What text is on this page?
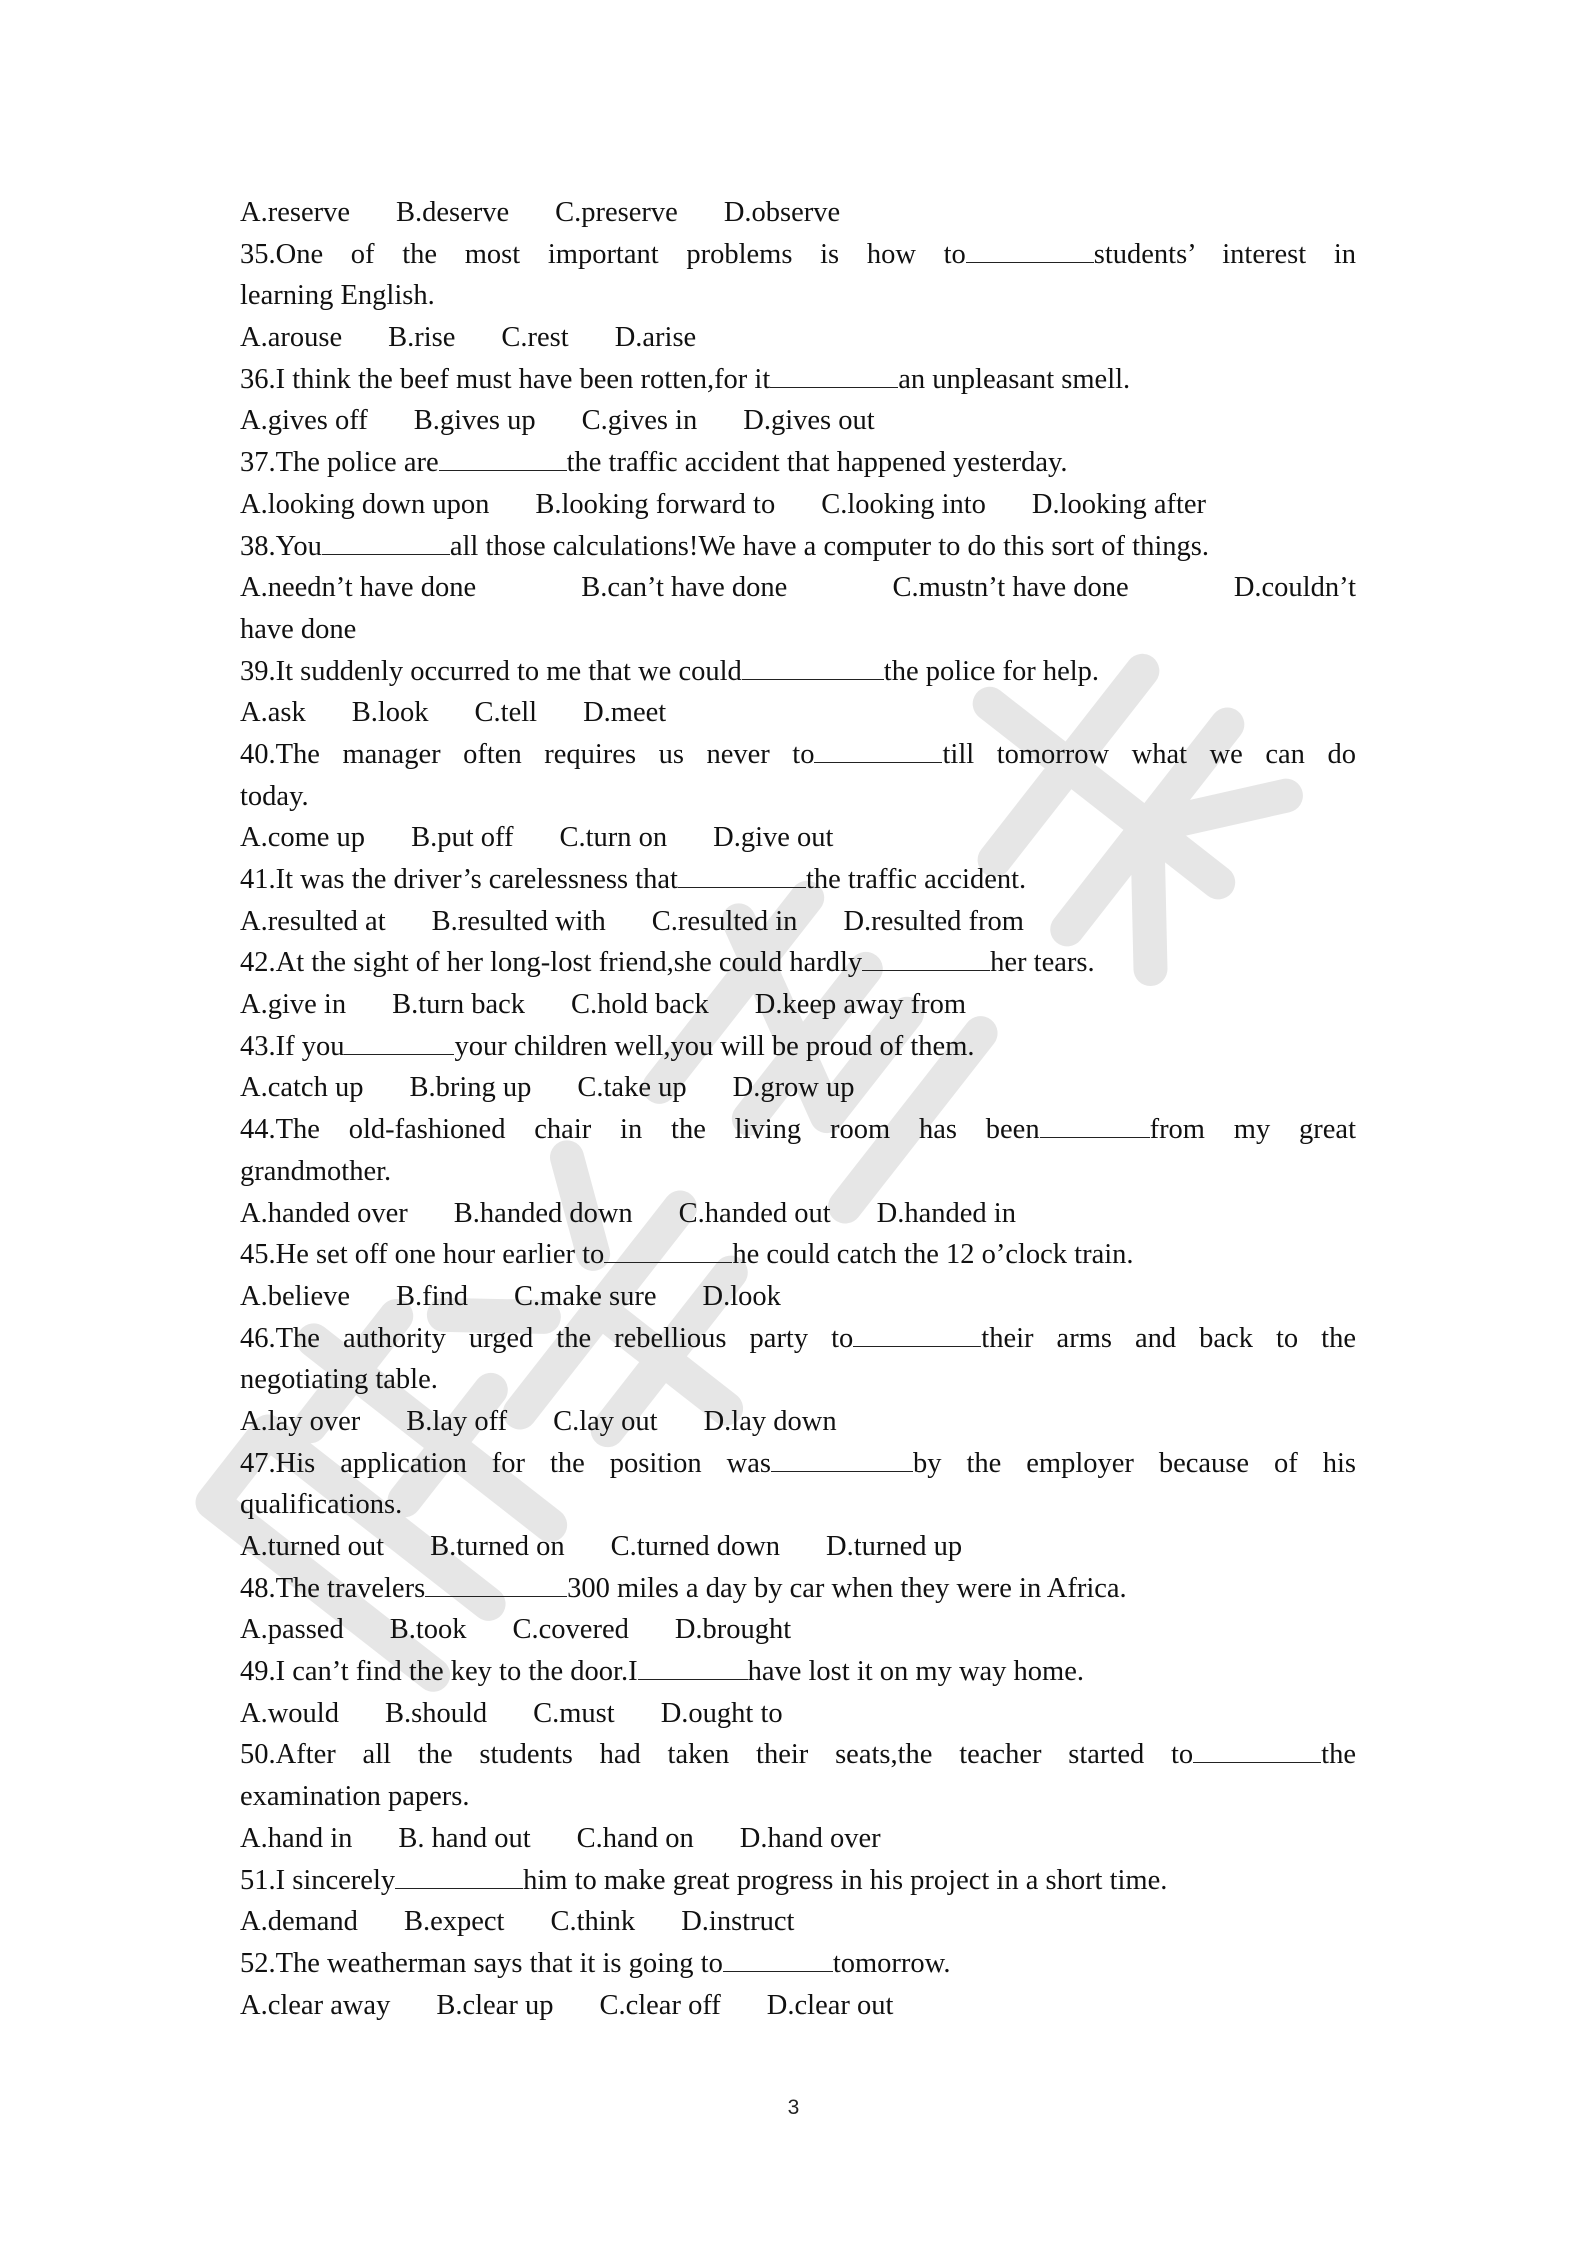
A.reserve B.deserve C.preserve D.observe
35.One of the most important problems is how to	students’ interest in
learning English.
A.arouse B.rise C.rest D.arise
36.I think the beef must have been rotten,for it	an unpleasant smell.
A.gives off B.gives up C.gives in D.gives out
37.The police are	the traffic accident that happened yesterday.
A.looking down upon B.looking forward to C.looking into D.looking after
38.You	all those calculations!We have a computer to do this sort of things.
A.needn’t have done	B.can’t have done	C.mustn’t have done	D.couldn’t
have done
39.It suddenly occurred to me that we could	the police for help.
A.ask B.look C.tell D.meet
40.The manager often requires us never to	till tomorrow what we can do
today.
A.come up B.put off C.turn on D.give out
41.It was the driver’s carelessness that	the traffic accident.
A.resulted at B.resulted with C.resulted in D.resulted from
42.At the sight of her long-lost friend,she could hardly	her tears.
A.give in B.turn back C.hold back D.keep away from
43.If you	your children well,you will be proud of them.
A.catch up B.bring up C.take up D.grow up
44.The old-fashioned chair in the living room has been	from my great
grandmother.
A.handed over B.handed down C.handed out D.handed in
45.He set off one hour earlier to	he could catch the 12 o’clock train.
A.believe B.find C.make sure D.look
46.The authority urged the rebellious party to	their arms and back to the
negotiating table.
A.lay over B.lay off C.lay out D.lay down
47.His application for the position was	by the employer because of his
qualifications.
A.turned out B.turned on C.turned down D.turned up
48.The travelers	300 miles a day by car when they were in Africa.
A.passed B.took C.covered D.brought
49.I can’t find the key to the door.I	have lost it on my way home.
A.would B.should C.must D.ought to
50.After all the students had taken their seats,the teacher started to	the
examination papers.
A.hand in B. hand out C.hand on D.hand over
51.I sincerely	him to make great progress in his project in a short time.
A.demand B.expect C.think D.instruct
52.The weatherman says that it is going to	tomorrow.
A.clear away B.clear up C.clear off D.clear out
3
